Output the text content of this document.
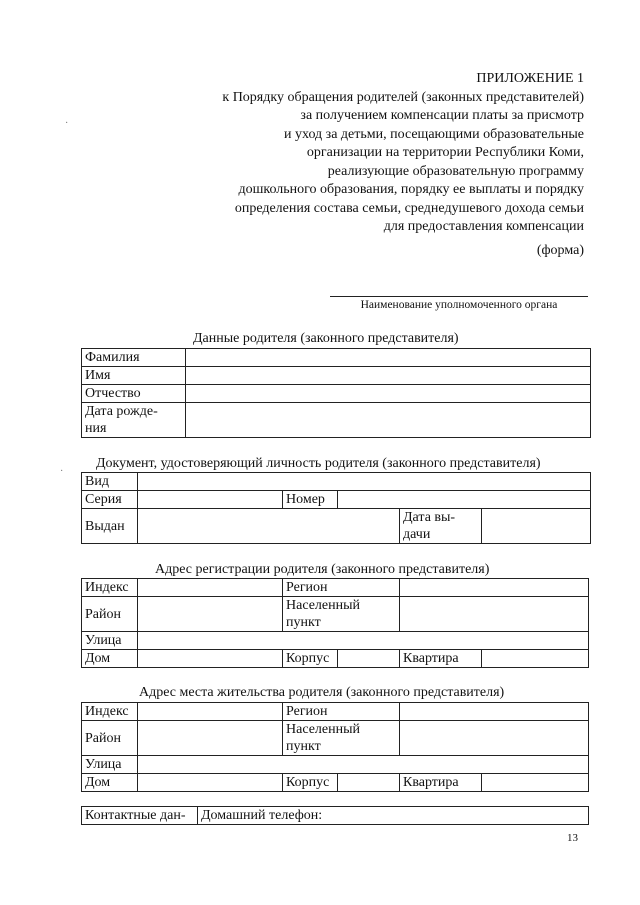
ПРИЛОЖЕНИЕ 1
к Порядку обращения родителей (законных представителей)
за получением компенсации платы за присмотр
и уход за детьми, посещающими образовательные
организации на территории Республики Коми,
реализующие образовательную программу
дошкольного образования, порядку ее выплаты и порядку
определения состава семьи, среднедушевого дохода семьи
для предоставления компенсации
(форма)
Наименование уполномоченного органа
·
·
Данные родителя (законного представителя)
Фамилия	
Имя	
Отчество	

Дата рожде-
ния	

Документ, удостоверяющий личность родителя (законного представителя)
Вид					
Серия		Номер			
Выдан				Дата вы-
дачи	

Адрес регистрации родителя (законного представителя)
Индекс		Регион			
Район		Населенный
пункт			

Улица					
Дом		Корпус		Квартира	
Адрес места жительства родителя (законного представителя)
Индекс		Регион			
Район		Населенный
пункт			

Улица					
Дом		Корпус		Квартира	
Контактные дан-	Домашний телефон:
13
